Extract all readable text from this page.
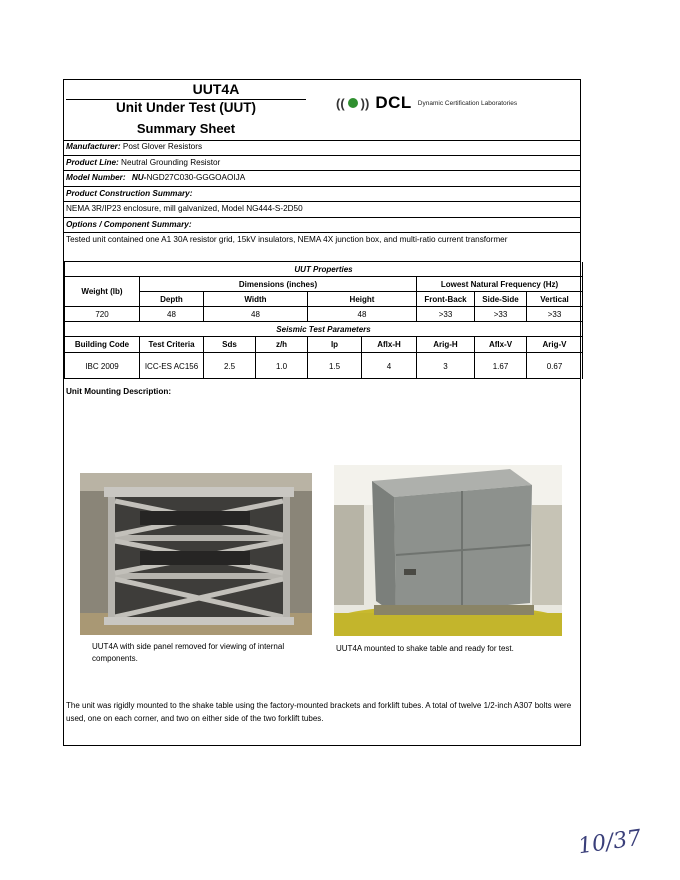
UUT4A
Unit Under Test (UUT)
Summary Sheet
(( )) DCL Dynamic Certification Laboratories
Manufacturer: Post Glover Resistors
Product Line: Neutral Grounding Resistor
Model Number: NU-NGD27C030-GGGOAOIJA
Product Construction Summary:
NEMA 3R/IP23 enclosure, mill galvanized, Model NG444-S-2D50
Options / Component Summary:
Tested unit contained one A1 30A resistor grid, 15kV insulators, NEMA 4X junction box, and multi-ratio current transformer
UUT Properties								
Weight (lb)	Dimensions (inches)					Lowest Natural Frequency (Hz)		
	Depth	Width		Height		Front-Back	Side-Side	Vertical
720	48	48		48		>33	>33	>33
Seismic Test Parameters								
Building Code	Test Criteria	Sds	z/h	Ip	Aflx-H	Arig-H	Aflx-V	Arig-V
IBC 2009	ICC-ES AC156	2.5	1.0	1.5	4	3	1.67	0.67
Unit Mounting Description:
UUT4A with side panel removed for viewing of internal components.
UUT4A mounted to shake table and ready for test.
The unit was rigidly mounted to the shake table using the factory-mounted brackets and forklift tubes. A total of twelve 1/2-inch A307 bolts were used, one on each corner, and two on either side of the two forklift tubes.
10/37
